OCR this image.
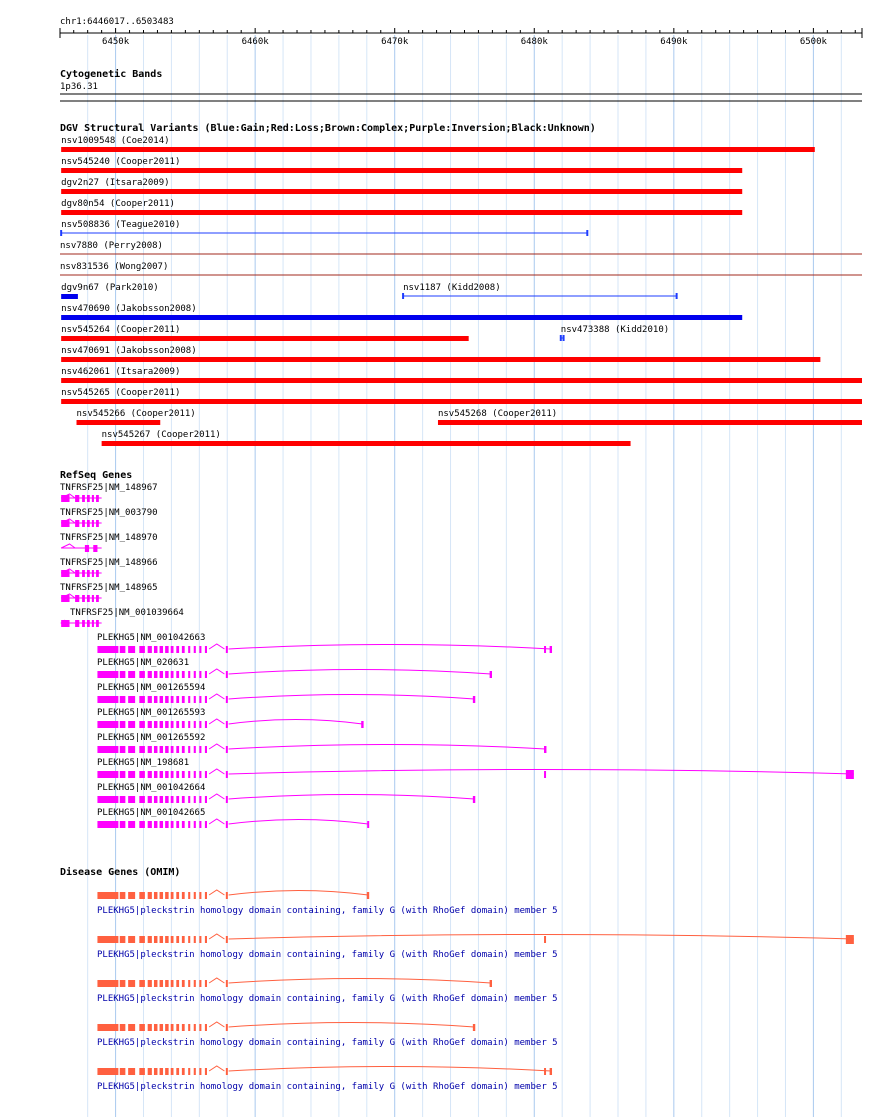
chr1:6446017..6503483
6450k	6460k	6470k	6480k	6490k	6500k
Cytogenetic Bands
1p36.31
DGV Structural Variants (Blue:Gain;Red:Loss;Brown:Complex;Purple:Inversion;Black:Unknown)
nsv1009548 (Coe2014)
nsv545240 (Cooper2011)
dgv2n27 (Itsara2009)
dgv80n54 (Cooper2011)
nsv508836 (Teague2010)
nsv7880 (Perry2008)
nsv831536 (Wong2007)
dgv9n67 (Park2010)	nsv1187 (Kidd2008)
nsv470690 (Jakobsson2008)
nsv545264 (Cooper2011)	nsv473388 (Kidd2010)
nsv470691 (Jakobsson2008)
nsv462061 (Itsara2009)
nsv545265 (Cooper2011)
nsv545266 (Cooper2011)	nsv545268 (Cooper2011)
nsv545267 (Cooper2011)
RefSeq Genes
TNFRSF25|NM_148967
TNFRSF25|NM_003790
TNFRSF25|NM_148970
TNFRSF25|NM_148966
TNFRSF25|NM_148965
TNFRSF25|NM_001039664
PLEKHG5|NM_001042663
PLEKHG5|NM_020631
PLEKHG5|NM_001265594
PLEKHG5|NM_001265593
PLEKHG5|NM_001265592
PLEKHG5|NM_198681
PLEKHG5|NM_001042664
PLEKHG5|NM_001042665
Disease Genes (OMIM)
PLEKHG5|pleckstrin homology domain containing, family G (with RhoGef domain) member 5
PLEKHG5|pleckstrin homology domain containing, family G (with RhoGef domain) member 5
PLEKHG5|pleckstrin homology domain containing, family G (with RhoGef domain) member 5
PLEKHG5|pleckstrin homology domain containing, family G (with RhoGef domain) member 5
PLEKHG5|pleckstrin homology domain containing, family G (with RhoGef domain) member 5
